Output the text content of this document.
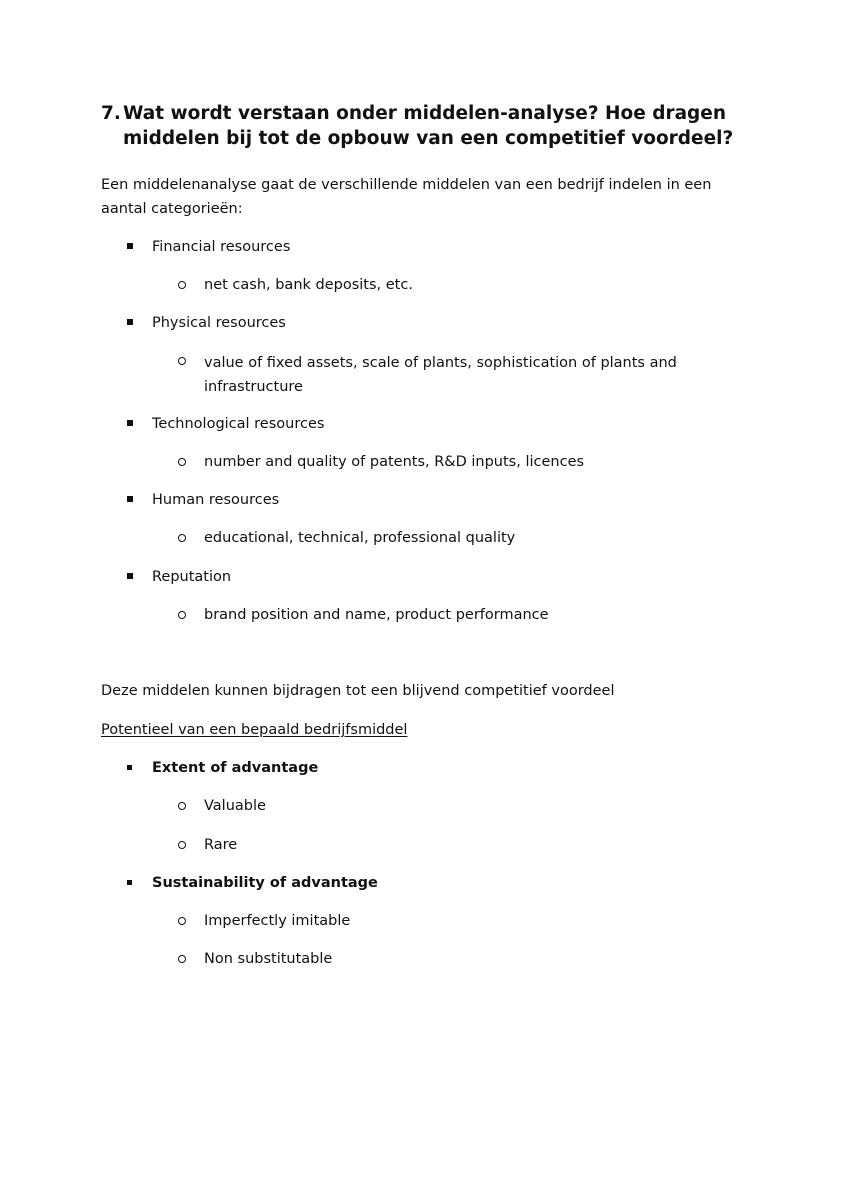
7. Wat wordt verstaan onder middelen-analyse? Hoe dragen middelen bij tot de opbouw van een competitief voordeel?

Een middelenanalyse gaat de verschillende middelen van een bedrijf indelen in een aantal categorieën:

Financial resources
net cash, bank deposits, etc.
Physical resources
value of fixed assets, scale of plants, sophistication of plants and infrastructure
Technological resources
number and quality of patents, R&D inputs, licences
Human resources
educational, technical, professional quality
Reputation
brand position and name, product performance
Deze middelen kunnen bijdragen tot een blijvend competitief voordeel
Potentieel van een bepaald bedrijfsmiddel
Extent of advantage
Valuable
Rare
Sustainability of advantage
Imperfectly imitable
Non substitutable
